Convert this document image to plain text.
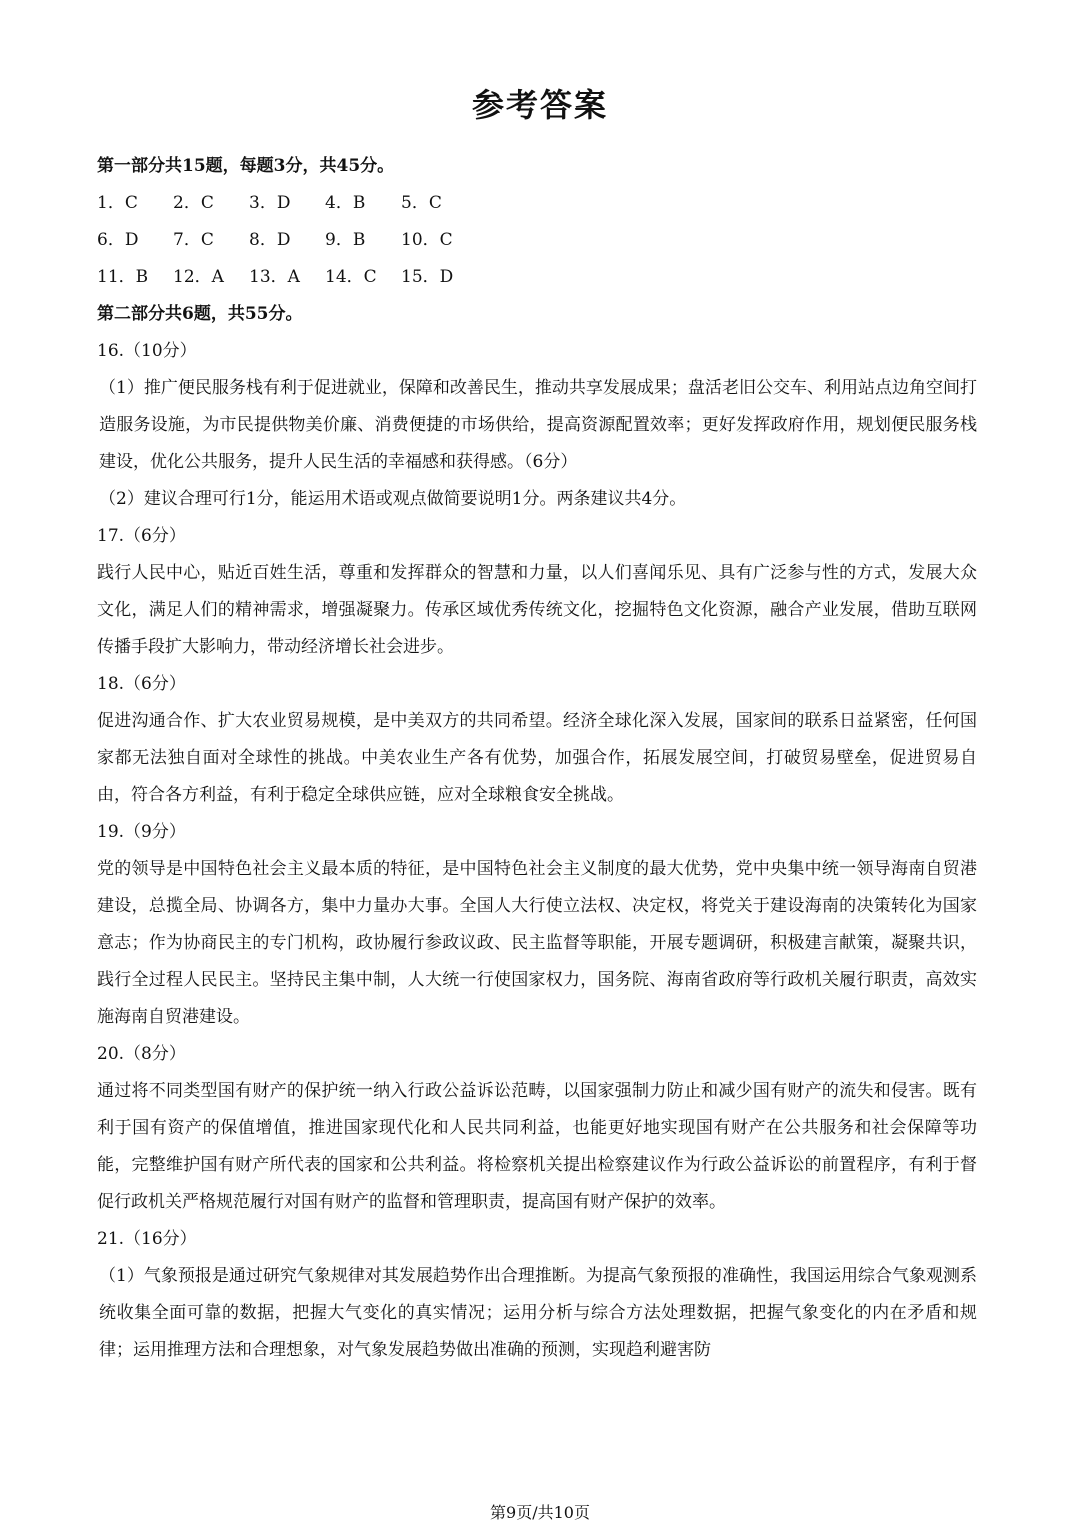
参考答案
第一部分共15题，每题3分，共45分。
1．C	2．C	3．D	4．B	5．C
6．D	7．C	8．D	9．B	10．C
11．B	12．A	13．A	14．C	15．D
第二部分共6题，共55分。
16.（10分）
（1）推广便民服务栈有利于促进就业，保障和改善民生，推动共享发展成果；盘活老旧公交车、利用站点边角空间打造服务设施，为市民提供物美价廉、消费便捷的市场供给，提高资源配置效率；更好发挥政府作用，规划便民服务栈建设，优化公共服务，提升人民生活的幸福感和获得感。（6分）
（2）建议合理可行1分，能运用术语或观点做简要说明1分。两条建议共4分。
17.（6分）
践行人民中心，贴近百姓生活，尊重和发挥群众的智慧和力量，以人们喜闻乐见、具有广泛参与性的方式，发展大众文化，满足人们的精神需求，增强凝聚力。传承区域优秀传统文化，挖掘特色文化资源，融合产业发展，借助互联网传播手段扩大影响力，带动经济增长社会进步。
18.（6分）
促进沟通合作、扩大农业贸易规模，是中美双方的共同希望。经济全球化深入发展，国家间的联系日益紧密，任何国家都无法独自面对全球性的挑战。中美农业生产各有优势，加强合作，拓展发展空间，打破贸易壁垒，促进贸易自由，符合各方利益，有利于稳定全球供应链，应对全球粮食安全挑战。
19.（9分）
党的领导是中国特色社会主义最本质的特征，是中国特色社会主义制度的最大优势，党中央集中统一领导海南自贸港建设，总揽全局、协调各方，集中力量办大事。全国人大行使立法权、决定权，将党关于建设海南的决策转化为国家意志；作为协商民主的专门机构，政协履行参政议政、民主监督等职能，开展专题调研，积极建言献策，凝聚共识，践行全过程人民民主。坚持民主集中制，人大统一行使国家权力，国务院、海南省政府等行政机关履行职责，高效实施海南自贸港建设。
20.（8分）
通过将不同类型国有财产的保护统一纳入行政公益诉讼范畴，以国家强制力防止和减少国有财产的流失和侵害。既有利于国有资产的保值增值，推进国家现代化和人民共同利益，也能更好地实现国有财产在公共服务和社会保障等功能，完整维护国有财产所代表的国家和公共利益。将检察机关提出检察建议作为行政公益诉讼的前置程序，有利于督促行政机关严格规范履行对国有财产的监督和管理职责，提高国有财产保护的效率。
21.（16分）
（1）气象预报是通过研究气象规律对其发展趋势作出合理推断。为提高气象预报的准确性，我国运用综合气象观测系统收集全面可靠的数据，把握大气变化的真实情况；运用分析与综合方法处理数据，把握气象变化的内在矛盾和规律；运用推理方法和合理想象，对气象发展趋势做出准确的预测，实现趋利避害防
第9页/共10页
